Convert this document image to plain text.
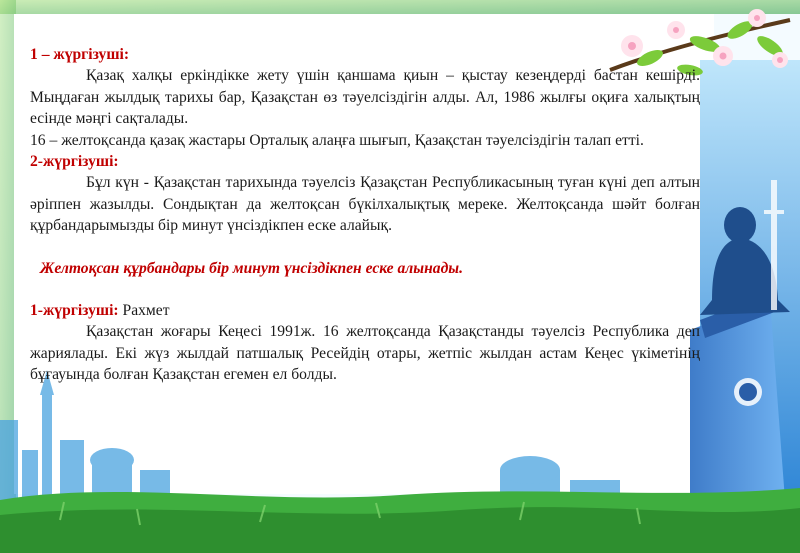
1 – жүргізуші:

Қазақ халқы еркіндікке жету үшін қаншама қиын – қыстау кезеңдерді бастан кешірді. Мыңдаған жылдық тарихы бар, Қазақстан өз тәуелсіздігін алды. Ал, 1986 жылғы оқиға халықтың есінде мәңгі сақталады.

16 – желтоқсанда қазақ жастары Орталық алаңға шығып, Қазақстан тәуелсіздігін талап етті.

2-жүргізуші:

Бұл күн - Қазақстан тарихында тәуелсіз Қазақстан Республикасының туған күні деп алтын әріппен жазылды. Сондықтан да желтоқсан бүкілхалықтық мереке. Желтоқсанда шәйт болған құрбандарымызды бір минут үнсіздікпен еске алайық.

Желтоқсан құрбандары бір минут үнсіздікпен еске алынады.

1-жүргізуші: Рахмет

Қазақстан жоғары Кеңесі 1991ж. 16 желтоқсанда Қазақстанды тәуелсіз Республика деп жариялады. Екі жүз жылдай патшалық Ресейдің отары, жетпіс жылдан астам Кеңес үкіметінің бұғауында болған Қазақстан егемен ел болды.
